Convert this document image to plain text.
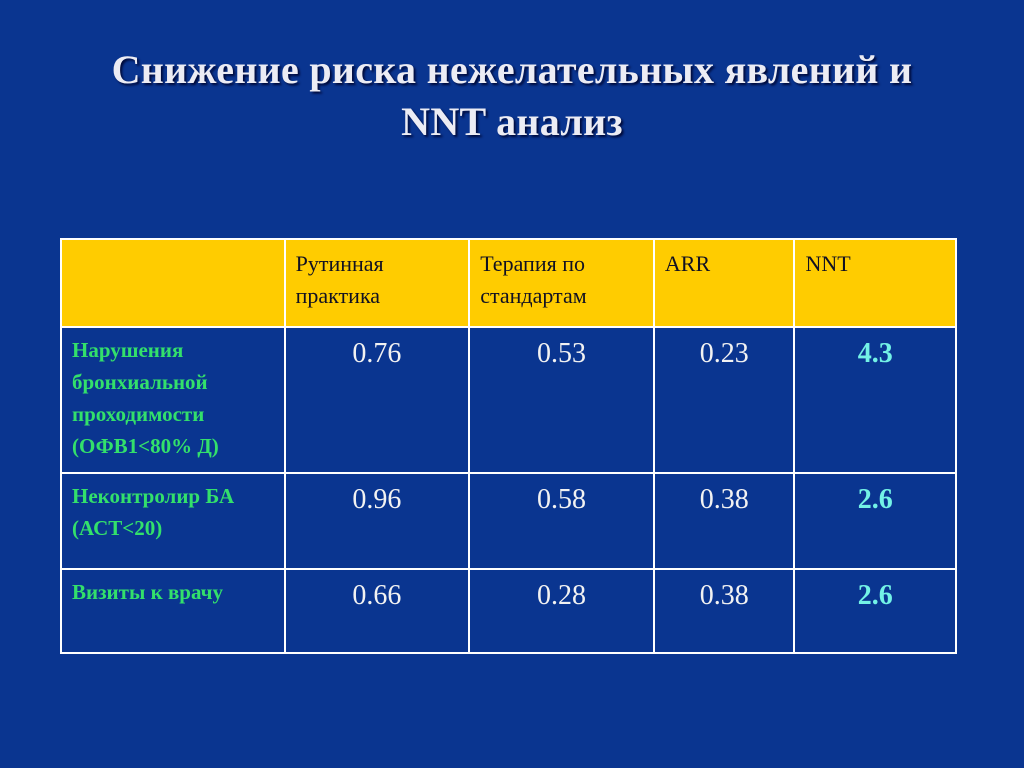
Снижение риска нежелательных явлений и
NNT анализ
	Рутинная практика	Терапия по стандартам	ARR	NNT
Нарушения бронхиальной проходимости (ОФВ1<80% Д)	0.76	0.53	0.23	4.3
Неконтролир БА (АСТ<20)	0.96	0.58	0.38	2.6
Визиты к врачу	0.66	0.28	0.38	2.6
